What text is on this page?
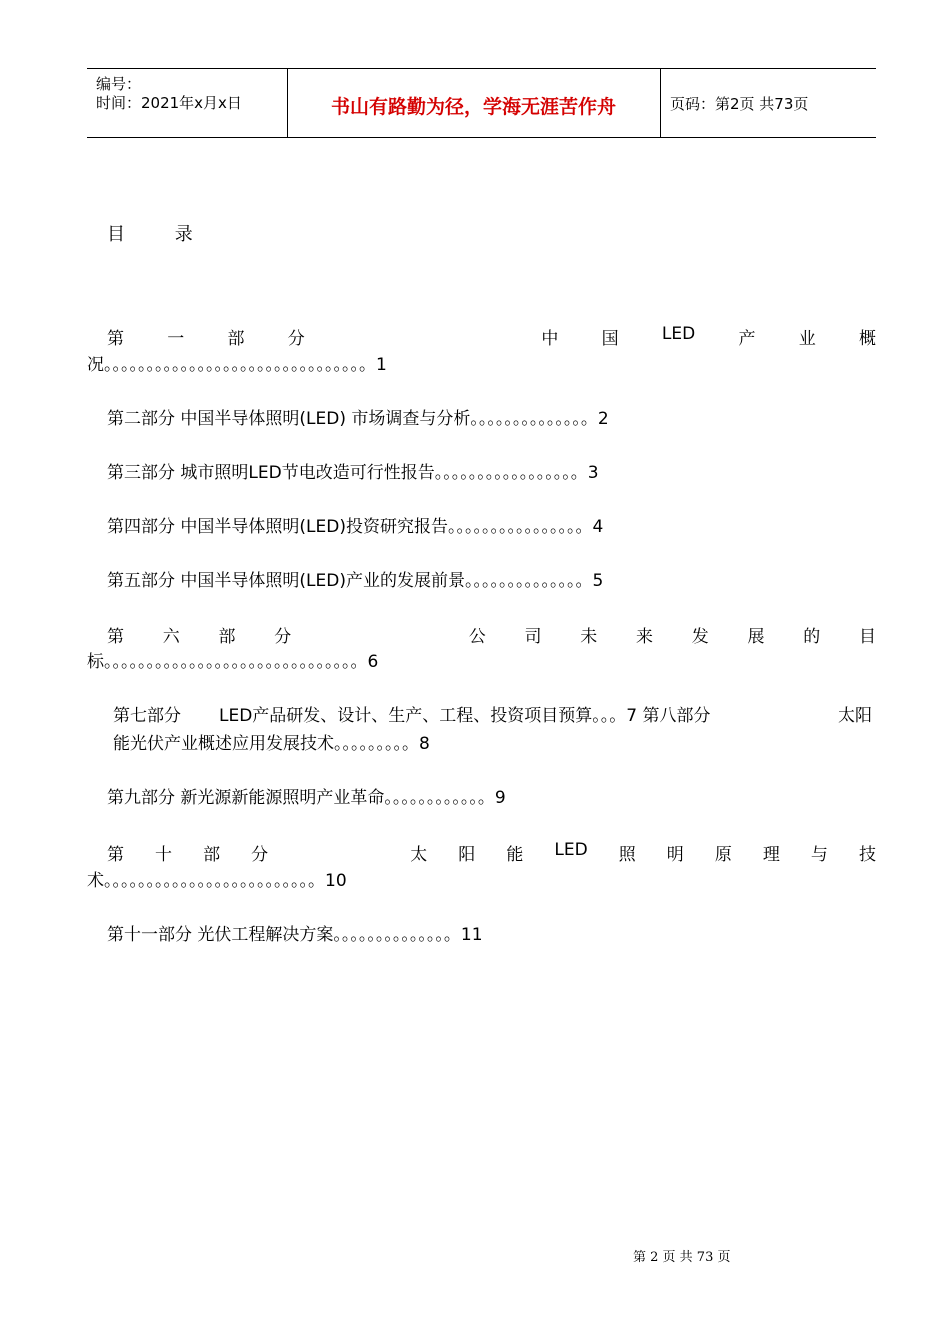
编号：
时间：2021年x月x日	书山有路勤为径，学海无涯苦作舟	页码：第2页 共73页
目 录
第	一	部	分	中	国	LED	产	业	概
况。。。。。。。。。。。。。。。。。。。。。。。。。。。。。。。1
第二部分 中国半导体照明(LED) 市场调查与分析。。。。。。。。。。。。。。2
第三部分 城市照明LED节电改造可行性报告。。。。。。。。。。。。。。。。。3
第四部分 中国半导体照明(LED)投资研究报告。。。。。。。。。。。。。。。。4
第五部分 中国半导体照明(LED)产业的发展前景。。。。。。。。。。。。。。5
第 六 部 分	公 司 未 来 发 展 的 目
标。。。。。。。。。。。。。。。。。。。。。。。。。。。。。。6
第七部分 LED产品研发、设计、生产、工程、投资项目预算。。。7 第八部分	太阳
能光伏产业概述应用发展技术。。。。。。。。。8
第九部分 新光源新能源照明产业革命。。。。。。。。。。。。9
第 十 部 分	太 阳 能 LED 照 明 原 理 与 技
术。。。。。。。。。。。。。。。。。。。。。。。。。10
第十一部分 光伏工程解决方案。。。。。。。。。。。。。。11
第 2 页 共 73 页
